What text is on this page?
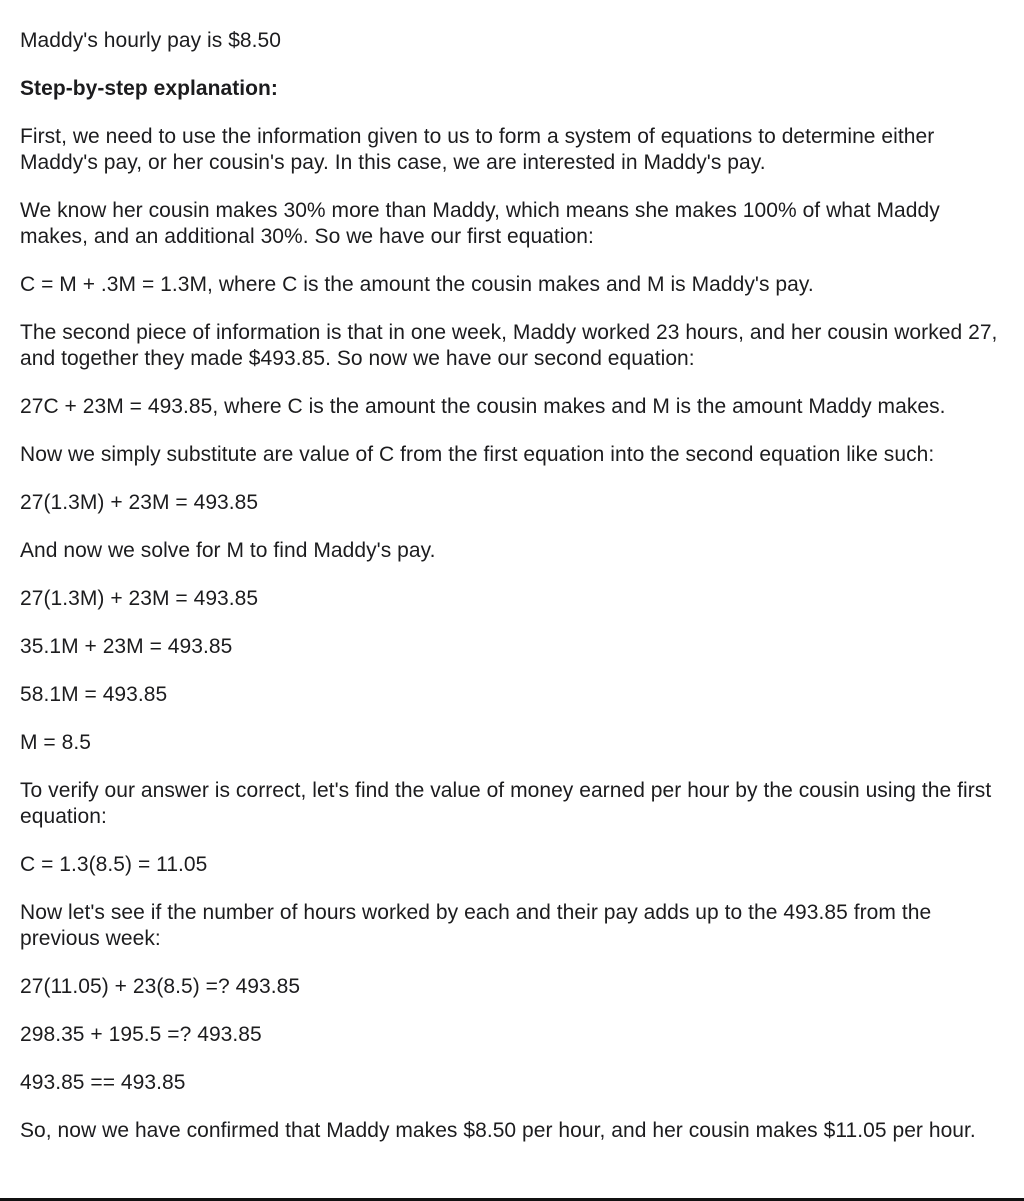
Maddy's hourly pay is $8.50

Step-by-step explanation:

First, we need to use the information given to us to form a system of equations to determine either Maddy's pay, or her cousin's pay. In this case, we are interested in Maddy's pay.

We know her cousin makes 30% more than Maddy, which means she makes 100% of what Maddy makes, and an additional 30%. So we have our first equation:

C = M + .3M = 1.3M, where C is the amount the cousin makes and M is Maddy's pay.

The second piece of information is that in one week, Maddy worked 23 hours, and her cousin worked 27, and together they made $493.85. So now we have our second equation:

27C + 23M = 493.85, where C is the amount the cousin makes and M is the amount Maddy makes.

Now we simply substitute are value of C from the first equation into the second equation like such:

27(1.3M) + 23M = 493.85

And now we solve for M to find Maddy's pay.

27(1.3M) + 23M = 493.85

35.1M + 23M = 493.85

58.1M = 493.85

M = 8.5

To verify our answer is correct, let's find the value of money earned per hour by the cousin using the first equation:

C = 1.3(8.5) = 11.05

Now let's see if the number of hours worked by each and their pay adds up to the 493.85 from the previous week:

27(11.05) + 23(8.5) =? 493.85

298.35 + 195.5 =? 493.85

493.85 == 493.85

So, now we have confirmed that Maddy makes $8.50 per hour, and her cousin makes $11.05 per hour.
